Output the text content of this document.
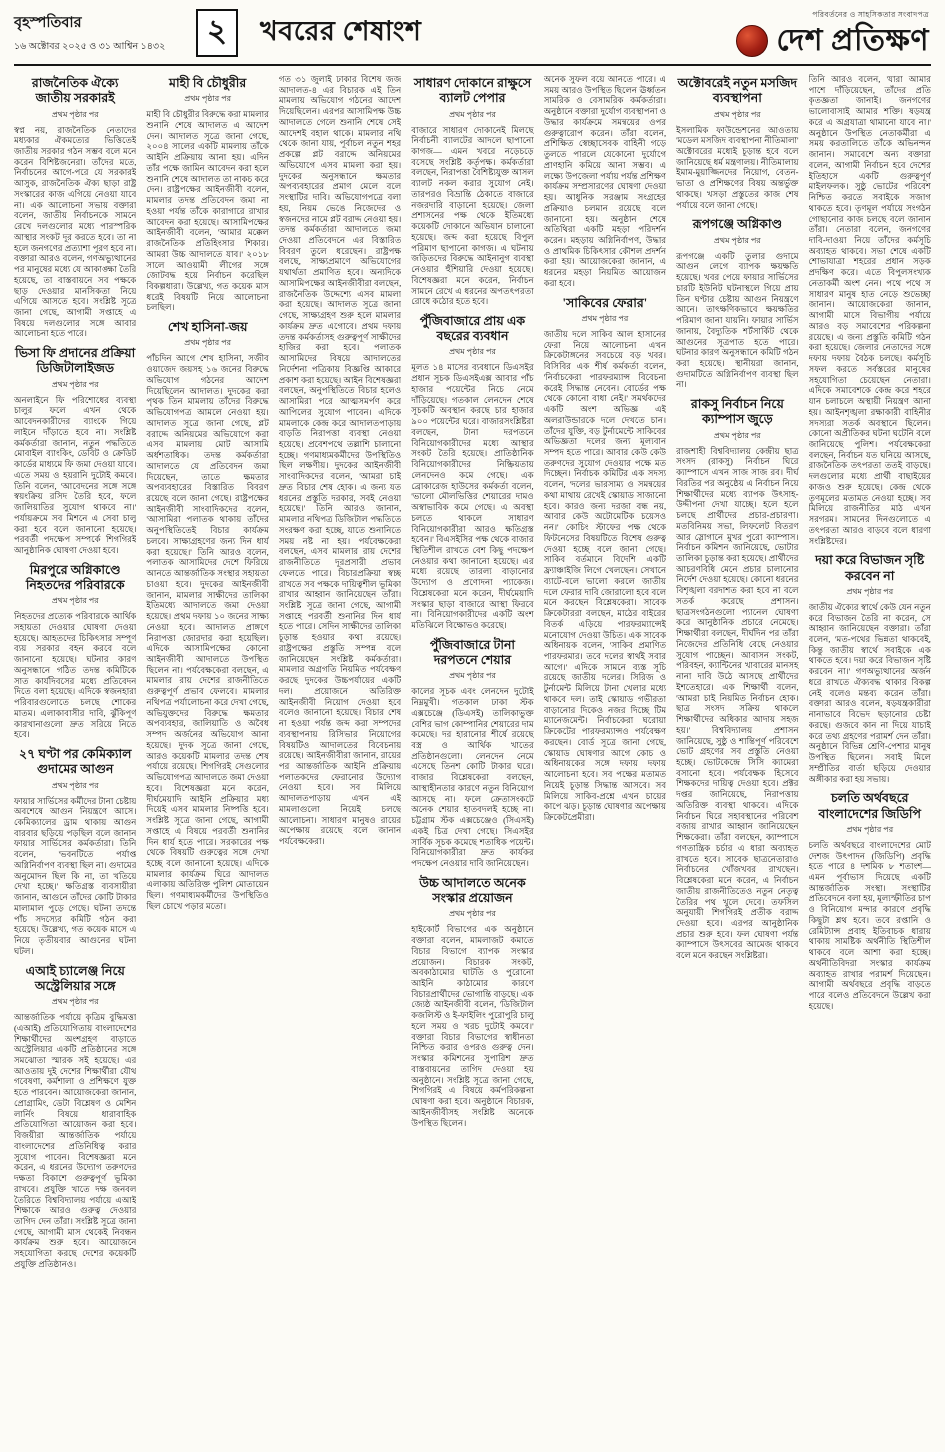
বৃহস্পতিবার
১৬ অক্টোবর ২০২৫ ও ৩১ আশ্বিন ১৪৩২	২ খবরের শেষাংশ
পরিবর্তনের ও সাহসিকতার সংবাদপত্র
দেশ প্রতিক্ষণ
রাজনৈতিক ঐক্যে জাতীয় সরকারই
প্রথম পৃষ্ঠার পর
স্বপ্ন নয়, রাজনৈতিক নেতাদের মধ্যকার ঐকমত্যের ভিত্তিতেই জাতীয় সরকার গঠন সম্ভব বলে মনে করেন বিশিষ্টজনেরা। তাঁদের মতে, নির্বাচনের আগে-পরে যে সরকারই আসুক, রাজনৈতিক ঐক্য ছাড়া রাষ্ট্র সংস্কারের কাজ এগিয়ে নেওয়া যাবে না। এক আলোচনা সভায় বক্তারা বলেন, জাতীয় নির্বাচনকে সামনে রেখে দলগুলোর মধ্যে পারস্পরিক আস্থার সংকট দূর করতে হবে। তা না হলে জনগণের প্রত্যাশা পূরণ হবে না। বক্তারা আরও বলেন, গণঅভ্যুত্থানের পর মানুষের মধ্যে যে আকাঙ্ক্ষা তৈরি হয়েছে, তা বাস্তবায়নে সব পক্ষকে ছাড় দেওয়ার মানসিকতা নিয়ে এগিয়ে আসতে হবে। সংশ্লিষ্ট সূত্রে জানা গেছে, আগামী সপ্তাহে এ বিষয়ে দলগুলোর সঙ্গে আবার আলোচনা হতে পারে।
ভিসা ফি প্রদানের প্রক্রিয়া ডিজিটালাইজড
প্রথম পৃষ্ঠার পর
অনলাইনে ফি পরিশোধের ব্যবস্থা চালুর ফলে এখন থেকে আবেদনকারীদের ব্যাংকে গিয়ে লাইনে দাঁড়াতে হবে না। সংশ্লিষ্ট কর্মকর্তারা জানান, নতুন পদ্ধতিতে মোবাইল ব্যাংকিং, ডেবিট ও ক্রেডিট কার্ডের মাধ্যমে ফি জমা দেওয়া যাবে। এতে সময় ও হয়রানি দুটোই কমবে। তিনি বলেন, 'আবেদনের সঙ্গে সঙ্গে স্বয়ংক্রিয় রসিদ তৈরি হবে, ফলে জালিয়াতির সুযোগ থাকবে না।' পর্যায়ক্রমে সব মিশনে এ সেবা চালু করা হবে বলে জানানো হয়েছে। পরবর্তী পদক্ষেপ সম্পর্কে শিগগিরই আনুষ্ঠানিক ঘোষণা দেওয়া হবে।
মিরপুরে অগ্নিকাণ্ডে নিহতদের পরিবারকে
প্রথম পৃষ্ঠার পর
নিহতদের প্রত্যেক পরিবারকে আর্থিক সহায়তা দেওয়ার ঘোষণা দেওয়া হয়েছে। আহতদের চিকিৎসার সম্পূর্ণ ব্যয় সরকার বহন করবে বলে জানানো হয়েছে। ঘটনার কারণ অনুসন্ধানে গঠিত তদন্ত কমিটিকে সাত কার্যদিবসের মধ্যে প্রতিবেদন দিতে বলা হয়েছে। এদিকে স্বজনহারা পরিবারগুলোতে চলছে শোকের মাতম। এলাকাবাসীর দাবি, ঝুঁকিপূর্ণ কারখানাগুলো দ্রুত সরিয়ে নিতে হবে।
২৭ ঘণ্টা পর কেমিক্যাল গুদামের আগুন
প্রথম পৃষ্ঠার পর
ফায়ার সার্ভিসের কর্মীদের টানা চেষ্টায় অবশেষে আগুন নিয়ন্ত্রণে আসে। কেমিক্যালের ড্রাম থাকায় আগুন বারবার ছড়িয়ে পড়ছিল বলে জানান ফায়ার সার্ভিসের কর্মকর্তারা। তিনি বলেন, 'ভবনটিতে পর্যাপ্ত অগ্নিনির্বাপণ ব্যবস্থা ছিল না। গুদামের অনুমোদন ছিল কি না, তা খতিয়ে দেখা হচ্ছে।' ক্ষতিগ্রস্ত ব্যবসায়ীরা জানান, আগুনে তাঁদের কোটি টাকার মালামাল পুড়ে গেছে। ঘটনা তদন্তে পাঁচ সদস্যের কমিটি গঠন করা হয়েছে। উল্লেখ্য, গত কয়েক মাসে এ নিয়ে তৃতীয়বার আগুনের ঘটনা ঘটল।
এআই চ্যালেঞ্জ নিয়ে অস্ট্রেলিয়ার সঙ্গে
প্রথম পৃষ্ঠার পর
আন্তর্জাতিক পর্যায়ে কৃত্রিম বুদ্ধিমত্তা (এআই) প্রতিযোগিতায় বাংলাদেশের শিক্ষার্থীদের অংশগ্রহণ বাড়াতে অস্ট্রেলিয়ার একটি প্রতিষ্ঠানের সঙ্গে সমঝোতা স্মারক সই হয়েছে। এর আওতায় দুই দেশের শিক্ষার্থীরা যৌথ গবেষণা, কর্মশালা ও প্রশিক্ষণে যুক্ত হতে পারবেন। আয়োজকেরা জানান, প্রোগ্রামিং, ডেটা বিশ্লেষণ ও মেশিন লার্নিং বিষয়ে ধারাবাহিক প্রতিযোগিতা আয়োজন করা হবে। বিজয়ীরা আন্তর্জাতিক পর্যায়ে বাংলাদেশের প্রতিনিধিত্ব করার সুযোগ পাবেন। বিশেষজ্ঞরা মনে করেন, এ ধরনের উদ্যোগ তরুণদের দক্ষতা বিকাশে গুরুত্বপূর্ণ ভূমিকা রাখবে। প্রযুক্তি খাতে দক্ষ জনবল তৈরিতে বিশ্ববিদ্যালয় পর্যায়ে এআই শিক্ষাকে আরও গুরুত্ব দেওয়ার তাগিদ দেন তাঁরা। সংশ্লিষ্ট সূত্রে জানা গেছে, আগামী মাস থেকেই নিবন্ধন কার্যক্রম শুরু হবে। আয়োজনে সহযোগিতা করছে দেশের কয়েকটি প্রযুক্তি প্রতিষ্ঠানও।
মাহী বি চৌধুরীর
প্রথম পৃষ্ঠার পর
মাহী বি চৌধুরীর বিরুদ্ধে করা মামলার শুনানি শেষে আদালত এ আদেশ দেন। আদালত সূত্রে জানা গেছে, ২০০৪ সালের একটি মামলায় তাঁকে আইনি প্রক্রিয়ায় আনা হয়। এদিন তাঁর পক্ষে জামিন আবেদন করা হলে শুনানি শেষে আদালত তা নাকচ করে দেন। রাষ্ট্রপক্ষের আইনজীবী বলেন, মামলার তদন্ত প্রতিবেদন জমা না হওয়া পর্যন্ত তাঁকে কারাগারে রাখার আবেদন করা হয়েছে। আসামিপক্ষের আইনজীবী বলেন, 'আমার মক্কেল রাজনৈতিক প্রতিহিংসার শিকার। আমরা উচ্চ আদালতে যাব।' ২০১৮ সালে আওয়ামী লীগের সঙ্গে জোটবদ্ধ হয়ে নির্বাচন করেছিল বিকল্পধারা। উল্লেখ্য, গত কয়েক মাস ধরেই বিষয়টি নিয়ে আলোচনা চলছিল।
শেখ হাসিনা-জয়
প্রথম পৃষ্ঠার পর
পাঁচদিন আগে শেখ হাসিনা, সজীব ওয়াজেদ জয়সহ ১৬ জনের বিরুদ্ধে অভিযোগ গঠনের আদেশ দিয়েছিলেন আদালত। দুদকের করা পৃথক তিন মামলায় তাঁদের বিরুদ্ধে অভিযোগপত্র আমলে নেওয়া হয়। আদালত সূত্রে জানা গেছে, প্লট বরাদ্দে অনিয়মের অভিযোগে করা এসব মামলায় মোট আসামি অর্ধশতাধিক। তদন্ত কর্মকর্তারা আদালতে যে প্রতিবেদন জমা দিয়েছেন, তাতে ক্ষমতার অপব্যবহারের বিস্তারিত বিবরণ রয়েছে বলে জানা গেছে। রাষ্ট্রপক্ষের আইনজীবী সাংবাদিকদের বলেন, 'আসামিরা পলাতক থাকায় তাঁদের অনুপস্থিতিতেই বিচার কার্যক্রম চলবে। সাক্ষ্যগ্রহণের জন্য দিন ধার্য করা হয়েছে।' তিনি আরও বলেন, পলাতক আসামিদের দেশে ফিরিয়ে আনতে আন্তর্জাতিক সংস্থার সহায়তা চাওয়া হবে। দুদকের আইনজীবী জানান, মামলার সাক্ষীদের তালিকা ইতিমধ্যে আদালতে জমা দেওয়া হয়েছে। প্রথম দফায় ১০ জনের সাক্ষ্য নেওয়া হবে। আদালত প্রাঙ্গণে নিরাপত্তা জোরদার করা হয়েছিল। এদিকে আসামিপক্ষের কোনো আইনজীবী আদালতে উপস্থিত ছিলেন না। পর্যবেক্ষকেরা বলছেন, এ মামলার রায় দেশের রাজনীতিতে গুরুত্বপূর্ণ প্রভাব ফেলবে। মামলার নথিপত্র পর্যালোচনা করে দেখা গেছে, অভিযুক্তদের বিরুদ্ধে ক্ষমতার অপব্যবহার, জালিয়াতি ও অবৈধ সম্পদ অর্জনের অভিযোগ আনা হয়েছে। দুদক সূত্রে জানা গেছে, আরও কয়েকটি মামলার তদন্ত শেষ পর্যায়ে রয়েছে। শিগগিরই সেগুলোর অভিযোগপত্র আদালতে জমা দেওয়া হবে। বিশেষজ্ঞরা মনে করেন, দীর্ঘমেয়াদি আইনি প্রক্রিয়ার মধ্য দিয়েই এসব মামলার নিষ্পত্তি হবে। সংশ্লিষ্ট সূত্রে জানা গেছে, আগামী সপ্তাহে এ বিষয়ে পরবর্তী শুনানির দিন ধার্য হতে পারে। সরকারের পক্ষ থেকে বিষয়টি গুরুত্বের সঙ্গে দেখা হচ্ছে বলে জানানো হয়েছে। এদিকে মামলার কার্যক্রম ঘিরে আদালত এলাকায় অতিরিক্ত পুলিশ মোতায়েন ছিল। গণমাধ্যমকর্মীদের উপস্থিতিও ছিল চোখে পড়ার মতো।
গত ৩১ জুলাই ঢাকার বিশেষ জজ আদালত-৪ এর বিচারক এই তিন মামলায় অভিযোগ গঠনের আদেশ দিয়েছিলেন। এরপর আসামিপক্ষ উচ্চ আদালতে গেলে শুনানি শেষে সেই আদেশই বহাল থাকে। মামলার নথি থেকে জানা যায়, পূর্বাচল নতুন শহর প্রকল্পে প্লট বরাদ্দে অনিয়মের অভিযোগে এসব মামলা করা হয়। দুদকের অনুসন্ধানে ক্ষমতার অপব্যবহারের প্রমাণ মেলে বলে সংস্থাটির দাবি। অভিযোগপত্রে বলা হয়, নিয়ম ভেঙে নিজেদের ও স্বজনদের নামে প্লট বরাদ্দ নেওয়া হয়। তদন্ত কর্মকর্তারা আদালতে জমা দেওয়া প্রতিবেদনে এর বিস্তারিত বিবরণ তুলে ধরেছেন। রাষ্ট্রপক্ষ বলছে, সাক্ষ্যপ্রমাণে অভিযোগের যথার্থতা প্রমাণিত হবে। অন্যদিকে আসামিপক্ষের আইনজীবীরা বলছেন, রাজনৈতিক উদ্দেশ্যে এসব মামলা করা হয়েছে। আদালত সূত্রে জানা গেছে, সাক্ষ্যগ্রহণ শুরু হলে মামলার কার্যক্রম দ্রুত এগোবে। প্রথম দফায় তদন্ত কর্মকর্তাসহ গুরুত্বপূর্ণ সাক্ষীদের হাজির করা হবে। পলাতক আসামিদের বিষয়ে আদালতের নির্দেশনা পত্রিকায় বিজ্ঞপ্তি আকারে প্রকাশ করা হয়েছে। আইন বিশেষজ্ঞরা বলছেন, অনুপস্থিতিতে বিচার হলেও আসামিরা পরে আত্মসমর্পণ করে আপিলের সুযোগ পাবেন। এদিকে মামলাকে কেন্দ্র করে আদালতপাড়ায় বাড়তি নিরাপত্তা ব্যবস্থা নেওয়া হয়েছে। প্রবেশপথে তল্লাশি চালানো হচ্ছে। গণমাধ্যমকর্মীদের উপস্থিতিও ছিল লক্ষণীয়। দুদকের আইনজীবী সাংবাদিকদের বলেন, 'আমরা চাই দ্রুত বিচার শেষ হোক। এ জন্য যত ধরনের প্রস্তুতি দরকার, সবই নেওয়া হয়েছে।' তিনি আরও জানান, মামলার নথিপত্র ডিজিটাল পদ্ধতিতে সংরক্ষণ করা হচ্ছে, যাতে শুনানিতে সময় নষ্ট না হয়। পর্যবেক্ষকেরা বলছেন, এসব মামলার রায় দেশের রাজনীতিতে দূরপ্রসারী প্রভাব ফেলতে পারে। বিচারপ্রক্রিয়া স্বচ্ছ রাখতে সব পক্ষকে দায়িত্বশীল ভূমিকা রাখার আহ্বান জানিয়েছেন তাঁরা। সংশ্লিষ্ট সূত্রে জানা গেছে, আগামী সপ্তাহে পরবর্তী শুনানির দিন ধার্য হতে পারে। সেদিন সাক্ষীদের তালিকা চূড়ান্ত হওয়ার কথা রয়েছে। রাষ্ট্রপক্ষের প্রস্তুতি সম্পন্ন বলে জানিয়েছেন সংশ্লিষ্ট কর্মকর্তারা। মামলার অগ্রগতি নিয়মিত পর্যবেক্ষণ করছে দুদকের উচ্চপর্যায়ের একটি দল। প্রয়োজনে অতিরিক্ত আইনজীবী নিয়োগ দেওয়া হবে বলেও জানানো হয়েছে। বিচার শেষ না হওয়া পর্যন্ত জব্দ করা সম্পদের ব্যবস্থাপনায় রিসিভার নিয়োগের বিষয়টিও আদালতের বিবেচনায় রয়েছে। আইনজীবীরা জানান, রায়ের পর আন্তর্জাতিক আইনি প্রক্রিয়ায় পলাতকদের ফেরানোর উদ্যোগ নেওয়া হবে। সব মিলিয়ে আদালতপাড়ায় এখন এই মামলাগুলো নিয়েই চলছে আলোচনা। সাধারণ মানুষও রায়ের অপেক্ষায় রয়েছে বলে জানান পর্যবেক্ষকেরা।
সাধারণ দোকানে রাক্ষুসে ব্যালট পেপার
প্রথম পৃষ্ঠার পর
বাজারে সাধারণ দোকানেই মিলছে নির্বাচনী ব্যালটের আদলে ছাপানো কাগজ— এমন খবরে নড়েচড়ে বসেছে সংশ্লিষ্ট কর্তৃপক্ষ। কর্মকর্তারা বলছেন, নিরাপত্তা বৈশিষ্ট্যযুক্ত আসল ব্যালট নকল করার সুযোগ নেই। তারপরও বিভ্রান্তি ঠেকাতে বাজারে নজরদারি বাড়ানো হয়েছে। জেলা প্রশাসনের পক্ষ থেকে ইতিমধ্যে কয়েকটি দোকানে অভিযান চালানো হয়েছে। জব্দ করা হয়েছে বিপুল পরিমাণ ছাপানো কাগজ। এ ঘটনায় জড়িতদের বিরুদ্ধে আইনানুগ ব্যবস্থা নেওয়ার হুঁশিয়ারি দেওয়া হয়েছে। বিশেষজ্ঞরা মনে করেন, নির্বাচন সামনে রেখে এ ধরনের অপতৎপরতা রোধে কঠোর হতে হবে।
পুঁজিবাজারে প্রায় এক বছরের ব্যবধান
প্রথম পৃষ্ঠার পর
মূলত ১৪ মাসের ব্যবধানে ডিএসইর প্রধান সূচক ডিএসইএক্স আবার পাঁচ হাজার পয়েন্টের নিচে নেমে দাঁড়িয়েছে। গতকাল লেনদেন শেষে সূচকটি অবস্থান করছে চার হাজার ৯০০ পয়েন্টের ঘরে। বাজারসংশ্লিষ্টরা বলছেন, টানা দরপতনে বিনিয়োগকারীদের মধ্যে আস্থার সংকট তৈরি হয়েছে। প্রাতিষ্ঠানিক বিনিয়োগকারীদের নিষ্ক্রিয়তায় লেনদেনও কমে গেছে। এক ব্রোকারেজ হাউসের কর্মকর্তা বলেন, 'ভালো মৌলভিত্তির শেয়ারের দামও অস্বাভাবিক কমে গেছে। এ অবস্থা চলতে থাকলে সাধারণ বিনিয়োগকারীরা আরও ক্ষতিগ্রস্ত হবেন।' বিএসইসির পক্ষ থেকে বাজার স্থিতিশীল রাখতে বেশ কিছু পদক্ষেপ নেওয়ার কথা জানানো হয়েছে। এর মধ্যে রয়েছে তারল্য বাড়ানোর উদ্যোগ ও প্রণোদনা প্যাকেজ। বিশ্লেষকেরা মনে করেন, দীর্ঘমেয়াদি সংস্কার ছাড়া বাজারে আস্থা ফিরবে না। বিনিয়োগকারীদের একটি অংশ মতিঝিলে বিক্ষোভও করেছে।
পুঁজিবাজারে টানা দরপতনে শেয়ার
প্রথম পৃষ্ঠার পর
কালের সূচক এবং লেনদেন দুটোই নিম্নমুখী। গতকাল ঢাকা স্টক এক্সচেঞ্জে (ডিএসই) তালিকাভুক্ত বেশির ভাগ কোম্পানির শেয়ারের দাম কমেছে। দর হারানোর শীর্ষে রয়েছে বস্ত্র ও আর্থিক খাতের প্রতিষ্ঠানগুলো। লেনদেন নেমে এসেছে তিনশ কোটি টাকার ঘরে। বাজার বিশ্লেষকেরা বলছেন, আস্থাহীনতার কারণে নতুন বিনিয়োগ আসছে না। ফলে ক্রেতাসংকটে অনেক শেয়ার হাতবদলই হচ্ছে না। চট্টগ্রাম স্টক এক্সচেঞ্জেও (সিএসই) একই চিত্র দেখা গেছে। সিএসইর সার্বিক সূচক কমেছে শতাধিক পয়েন্ট। বিনিয়োগকারীরা দ্রুত কার্যকর পদক্ষেপ নেওয়ার দাবি জানিয়েছেন।
উচ্চ আদালতে অনেক সংস্কার প্রয়োজন
প্রথম পৃষ্ঠার পর
হাইকোর্ট বিভাগের এক অনুষ্ঠানে বক্তারা বলেন, মামলাজট কমাতে বিচার বিভাগে ব্যাপক সংস্কার প্রয়োজন। বিচারক সংকট, অবকাঠামোর ঘাটতি ও পুরোনো আইনি কাঠামোর কারণে বিচারপ্রার্থীদের ভোগান্তি বাড়ছে। এক জ্যেষ্ঠ আইনজীবী বলেন, 'ডিজিটাল কজলিস্ট ও ই-ফাইলিং পুরোপুরি চালু হলে সময় ও খরচ দুটোই কমবে।' বক্তারা বিচার বিভাগের স্বাধীনতা নিশ্চিত করার ওপরও গুরুত্ব দেন। সংস্কার কমিশনের সুপারিশ দ্রুত বাস্তবায়নের তাগিদ দেওয়া হয় অনুষ্ঠানে। সংশ্লিষ্ট সূত্রে জানা গেছে, শিগগিরই এ বিষয়ে কর্মপরিকল্পনা ঘোষণা করা হবে। অনুষ্ঠানে বিচারক, আইনজীবীসহ সংশ্লিষ্ট অনেকে উপস্থিত ছিলেন।
অনেক সুফল বয়ে আনতে পারে। এ সময় আরও উপস্থিত ছিলেন ঊর্ধ্বতন সামরিক ও বেসামরিক কর্মকর্তারা। অনুষ্ঠানে বক্তারা দুর্যোগ ব্যবস্থাপনা ও উদ্ধার কার্যক্রমে সমন্বয়ের ওপর গুরুত্বারোপ করেন। তাঁরা বলেন, প্রশিক্ষিত স্বেচ্ছাসেবক বাহিনী গড়ে তুলতে পারলে যেকোনো দুর্যোগে প্রাণহানি কমিয়ে আনা সম্ভব। এ লক্ষ্যে উপজেলা পর্যায় পর্যন্ত প্রশিক্ষণ কার্যক্রম সম্প্রসারণের ঘোষণা দেওয়া হয়। আধুনিক সরঞ্জাম সংগ্রহের প্রক্রিয়াও চলমান রয়েছে বলে জানানো হয়। অনুষ্ঠান শেষে অতিথিরা একটি মহড়া পরিদর্শন করেন। মহড়ায় অগ্নিনির্বাপণ, উদ্ধার ও প্রাথমিক চিকিৎসার কৌশল প্রদর্শন করা হয়। আয়োজকেরা জানান, এ ধরনের মহড়া নিয়মিত আয়োজন করা হবে।
'সাকিবের ফেরার'
প্রথম পৃষ্ঠার পর
জাতীয় দলে সাকিব আল হাসানের ফেরা নিয়ে আলোচনা এখন ক্রিকেটাঙ্গনের সবচেয়ে বড় খবর। বিসিবির এক শীর্ষ কর্মকর্তা বলেন, 'নির্বাচকেরা পারফরম্যান্স বিবেচনা করেই সিদ্ধান্ত নেবেন। বোর্ডের পক্ষ থেকে কোনো বাধা নেই।' সমর্থকদের একটি অংশ অভিজ্ঞ এই অলরাউন্ডারকে দলে দেখতে চান। তাঁদের যুক্তি, বড় টুর্নামেন্টে সাকিবের অভিজ্ঞতা দলের জন্য মূল্যবান সম্পদ হতে পারে। আবার কেউ কেউ তরুণদের সুযোগ দেওয়ার পক্ষে মত দিচ্ছেন। নির্বাচক কমিটির এক সদস্য বলেন, 'দলের ভারসাম্য ও সমন্বয়ের কথা মাথায় রেখেই স্কোয়াড সাজানো হবে। কারও জন্য দরজা বন্ধ নয়, আবার কেউ অটোমেটিক চয়েসও নন।' কোচিং স্টাফের পক্ষ থেকে ফিটনেসের বিষয়টিতে বিশেষ গুরুত্ব দেওয়া হচ্ছে বলে জানা গেছে। সাকিব বর্তমানে বিদেশি একটি ফ্র্যাঞ্চাইজি লিগে খেলছেন। সেখানে ব্যাটে-বলে ভালো করলে জাতীয় দলে ফেরার দাবি জোরালো হবে বলে মনে করছেন বিশ্লেষকেরা। সাবেক ক্রিকেটাররা বলছেন, মাঠের বাইরের বিতর্ক এড়িয়ে পারফরম্যান্সেই মনোযোগ দেওয়া উচিত। এক সাবেক অধিনায়ক বলেন, 'সাকিব প্রমাণিত পারফরমার। তবে দলের স্বার্থই সবার আগে।' এদিকে সামনে ব্যস্ত সূচি রয়েছে জাতীয় দলের। সিরিজ ও টুর্নামেন্ট মিলিয়ে টানা খেলার মধ্যে থাকবে দল। তাই স্কোয়াড গভীরতা বাড়ানোর দিকেও নজর দিচ্ছে টিম ম্যানেজমেন্ট। নির্বাচকেরা ঘরোয়া ক্রিকেটের পারফরম্যান্সও পর্যবেক্ষণ করছেন। বোর্ড সূত্রে জানা গেছে, স্কোয়াড ঘোষণার আগে কোচ ও অধিনায়কের সঙ্গে দফায় দফায় আলোচনা হবে। সব পক্ষের মতামত নিয়েই চূড়ান্ত সিদ্ধান্ত আসবে। সব মিলিয়ে সাকিব-প্রশ্নে এখন চায়ের কাপে ঝড়। চূড়ান্ত ঘোষণার অপেক্ষায় ক্রিকেটপ্রেমীরা।
অক্টোবরেই নতুন মসজিদ ব্যবস্থাপনা
প্রথম পৃষ্ঠার পর
ইসলামিক ফাউন্ডেশনের আওতায় 'মডেল মসজিদ ব্যবস্থাপনা নীতিমালা' অক্টোবরের মধ্যেই চূড়ান্ত হবে বলে জানিয়েছে ধর্ম মন্ত্রণালয়। নীতিমালায় ইমাম-মুয়াজ্জিনদের নিয়োগ, বেতন-ভাতা ও প্রশিক্ষণের বিষয় অন্তর্ভুক্ত থাকছে। খসড়া প্রস্তুতের কাজ শেষ পর্যায়ে বলে জানা গেছে।
রূপগঞ্জে অগ্নিকাণ্ড
প্রথম পৃষ্ঠার পর
রূপগঞ্জে একটি তুলার গুদামে আগুন লেগে ব্যাপক ক্ষয়ক্ষতি হয়েছে। খবর পেয়ে ফায়ার সার্ভিসের চারটি ইউনিট ঘটনাস্থলে গিয়ে প্রায় তিন ঘণ্টার চেষ্টায় আগুন নিয়ন্ত্রণে আনে। তাৎক্ষণিকভাবে ক্ষয়ক্ষতির পরিমাণ জানা যায়নি। ফায়ার সার্ভিস জানায়, বৈদ্যুতিক শর্টসার্কিট থেকে আগুনের সূত্রপাত হতে পারে। ঘটনার কারণ অনুসন্ধানে কমিটি গঠন করা হয়েছে। স্থানীয়রা জানান, গুদামটিতে অগ্নিনির্বাপণ ব্যবস্থা ছিল না।
রাকসু নির্বাচন নিয়ে ক্যাম্পাস জুড়ে
প্রথম পৃষ্ঠার পর
রাজশাহী বিশ্ববিদ্যালয় কেন্দ্রীয় ছাত্র সংসদ (রাকসু) নির্বাচন ঘিরে ক্যাম্পাসে এখন সাজ সাজ রব। দীর্ঘ বিরতির পর অনুষ্ঠেয় এ নির্বাচন নিয়ে শিক্ষার্থীদের মধ্যে ব্যাপক উৎসাহ-উদ্দীপনা দেখা যাচ্ছে। হলে হলে চলছে প্রার্থীদের প্রচার-প্রচারণা। মতবিনিময় সভা, লিফলেট বিতরণ আর স্লোগানে মুখর পুরো ক্যাম্পাস। নির্বাচন কমিশন জানিয়েছে, ভোটার তালিকা চূড়ান্ত করা হয়েছে। প্রার্থীদের আচরণবিধি মেনে প্রচার চালানোর নির্দেশ দেওয়া হয়েছে। কোনো ধরনের বিশৃঙ্খলা বরদাশত করা হবে না বলে সতর্ক করেছে প্রশাসন। ছাত্রসংগঠনগুলো প্যানেল ঘোষণা করে আনুষ্ঠানিক প্রচারে নেমেছে। শিক্ষার্থীরা বলছেন, দীর্ঘদিন পর তাঁরা নিজেদের প্রতিনিধি বেছে নেওয়ার সুযোগ পাচ্ছেন। আবাসন সংকট, পরিবহন, ক্যান্টিনের খাবারের মানসহ নানা দাবি উঠে আসছে প্রার্থীদের ইশতেহারে। এক শিক্ষার্থী বলেন, 'আমরা চাই নিয়মিত নির্বাচন হোক। ছাত্র সংসদ সক্রিয় থাকলে শিক্ষার্থীদের অধিকার আদায় সহজ হয়।' বিশ্ববিদ্যালয় প্রশাসন জানিয়েছে, সুষ্ঠু ও শান্তিপূর্ণ পরিবেশে ভোট গ্রহণের সব প্রস্তুতি নেওয়া হচ্ছে। ভোটকেন্দ্রে সিসি ক্যামেরা বসানো হবে। পর্যবেক্ষক হিসেবে শিক্ষকদের দায়িত্ব দেওয়া হবে। প্রক্টর দপ্তর জানিয়েছে, নিরাপত্তায় অতিরিক্ত ব্যবস্থা থাকবে। এদিকে নির্বাচন ঘিরে সহাবস্থানের পরিবেশ বজায় রাখার আহ্বান জানিয়েছেন শিক্ষকেরা। তাঁরা বলছেন, ক্যাম্পাসে গণতান্ত্রিক চর্চার এ ধারা অব্যাহত রাখতে হবে। সাবেক ছাত্রনেতারাও নির্বাচনের খোঁজখবর রাখছেন। বিশ্লেষকেরা মনে করেন, এ নির্বাচন জাতীয় রাজনীতিতেও নতুন নেতৃত্ব তৈরির পথ খুলে দেবে। তফসিল অনুযায়ী শিগগিরই প্রতীক বরাদ্দ দেওয়া হবে। এরপর আনুষ্ঠানিক প্রচার শুরু হবে। ফল ঘোষণা পর্যন্ত ক্যাম্পাসে উৎসবের আমেজ থাকবে বলে মনে করছেন সংশ্লিষ্টরা।
তিনি আরও বলেন, 'যারা আমার পাশে দাঁড়িয়েছেন, তাঁদের প্রতি কৃতজ্ঞতা জানাই। জনগণের ভালোবাসাই আমার শক্তি। ষড়যন্ত্র করে এ অগ্রযাত্রা থামানো যাবে না।' অনুষ্ঠানে উপস্থিত নেতাকর্মীরা এ সময় করতালিতে তাঁকে অভিনন্দন জানান। সমাবেশে অন্য বক্তারা বলেন, আগামী নির্বাচন হবে দেশের ইতিহাসে একটি গুরুত্বপূর্ণ মাইলফলক। সুষ্ঠু ভোটের পরিবেশ নিশ্চিত করতে সবাইকে সজাগ থাকতে হবে। তৃণমূল পর্যায়ে সংগঠন গোছানোর কাজ চলছে বলে জানান তাঁরা। নেতারা বলেন, জনগণের দাবি-দাওয়া নিয়ে তাঁদের কর্মসূচি অব্যাহত থাকবে। সভা শেষে একটি শোভাযাত্রা শহরের প্রধান সড়ক প্রদক্ষিণ করে। এতে বিপুলসংখ্যক নেতাকর্মী অংশ নেন। পথে পথে স সাধারণ মানুষ হাত নেড়ে শুভেচ্ছা জানান। আয়োজকেরা জানান, আগামী মাসে বিভাগীয় পর্যায়ে আরও বড় সমাবেশের পরিকল্পনা রয়েছে। এ জন্য প্রস্তুতি কমিটি গঠন করা হয়েছে। জেলার নেতাদের সঙ্গে দফায় দফায় বৈঠক চলছে। কর্মসূচি সফল করতে সর্বস্তরের মানুষের সহযোগিতা চেয়েছেন নেতারা। এদিকে সমাবেশকে কেন্দ্র করে শহরে যান চলাচলে অস্থায়ী নিয়ন্ত্রণ আনা হয়। আইনশৃঙ্খলা রক্ষাকারী বাহিনীর সদস্যরা সতর্ক অবস্থানে ছিলেন। কোনো অপ্রীতিকর ঘটনা ঘটেনি বলে জানিয়েছে পুলিশ। পর্যবেক্ষকেরা বলছেন, নির্বাচন যত ঘনিয়ে আসছে, রাজনৈতিক তৎপরতা ততই বাড়ছে। দলগুলোর মধ্যে প্রার্থী বাছাইয়ের কাজও শুরু হয়েছে। কেন্দ্র থেকে তৃণমূলের মতামত নেওয়া হচ্ছে। সব মিলিয়ে রাজনীতির মাঠ এখন সরগরম। সামনের দিনগুলোতে এ তৎপরতা আরও বাড়বে বলে ধারণা সংশ্লিষ্টদের।
দয়া করে বিভাজন সৃষ্টি করবেন না
প্রথম পৃষ্ঠার পর
জাতীয় ঐক্যের স্বার্থে কেউ যেন নতুন করে বিভাজন তৈরি না করেন, সে আহ্বান জানিয়েছেন বক্তারা। তাঁরা বলেন, 'মত-পথের ভিন্নতা থাকবেই, কিন্তু জাতীয় স্বার্থে সবাইকে এক থাকতে হবে। দয়া করে বিভাজন সৃষ্টি করবেন না।' গণঅভ্যুত্থানের অর্জন ধরে রাখতে ঐক্যবদ্ধ থাকার বিকল্প নেই বলেও মন্তব্য করেন তাঁরা। বক্তারা আরও বলেন, ষড়যন্ত্রকারীরা নানাভাবে বিভেদ ছড়ানোর চেষ্টা করছে। গুজবে কান না দিয়ে যাচাই করে তথ্য গ্রহণের পরামর্শ দেন তাঁরা। অনুষ্ঠানে বিভিন্ন শ্রেণি-পেশার মানুষ উপস্থিত ছিলেন। সবাই মিলে সম্প্রীতির বার্তা ছড়িয়ে দেওয়ার অঙ্গীকার করা হয় সভায়।
চলতি অর্থবছরে বাংলাদেশের জিডিপি
প্রথম পৃষ্ঠার পর
চলতি অর্থবছরে বাংলাদেশের মোট দেশজ উৎপাদন (জিডিপি) প্রবৃদ্ধি হতে পারে ৪ দশমিক ৮ শতাংশ— এমন পূর্বাভাস দিয়েছে একটি আন্তর্জাতিক সংস্থা। সংস্থাটির প্রতিবেদনে বলা হয়, মূল্যস্ফীতির চাপ ও বিনিয়োগ মন্দার কারণে প্রবৃদ্ধি কিছুটা শ্লথ হবে। তবে রপ্তানি ও রেমিট্যান্স প্রবাহ ইতিবাচক ধারায় থাকায় সামষ্টিক অর্থনীতি স্থিতিশীল থাকবে বলে আশা করা হচ্ছে। অর্থনীতিবিদরা সংস্কার কার্যক্রম অব্যাহত রাখার পরামর্শ দিয়েছেন। আগামী অর্থবছরে প্রবৃদ্ধি বাড়তে পারে বলেও প্রতিবেদনে উল্লেখ করা হয়েছে।
